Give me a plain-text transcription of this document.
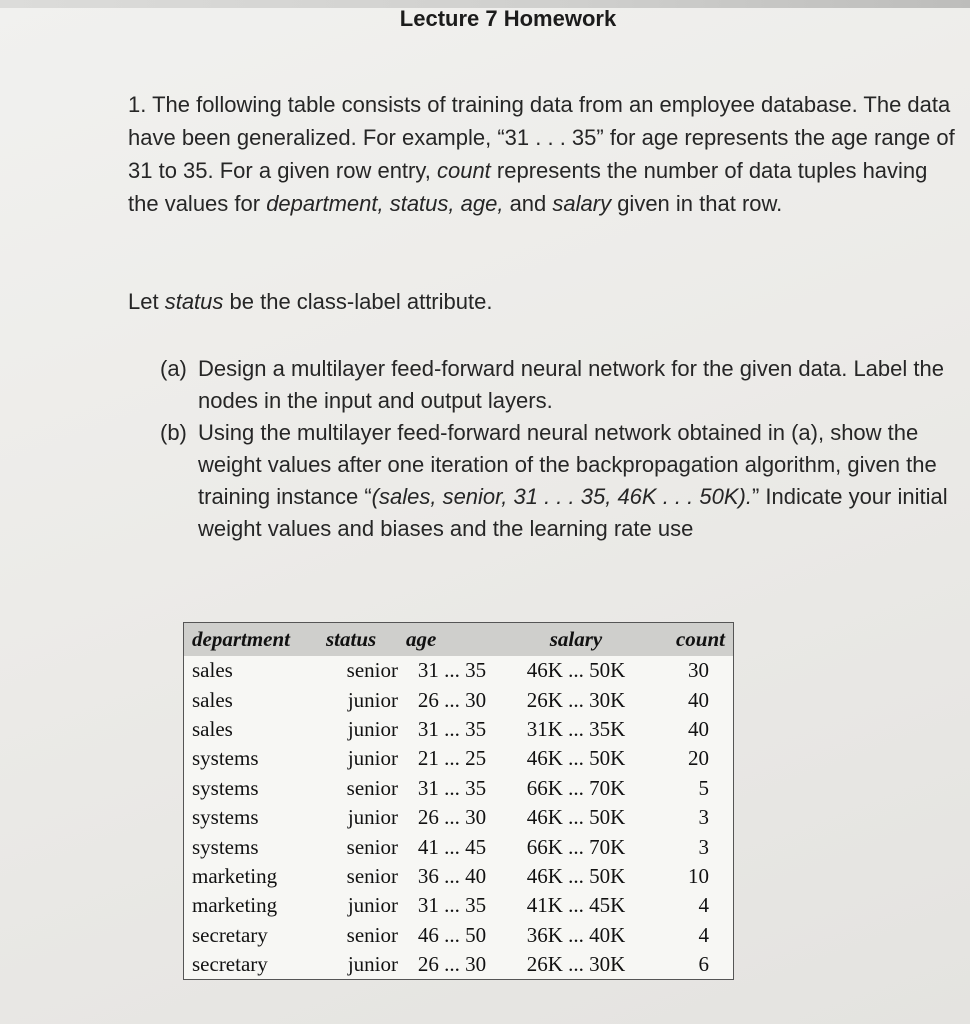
Lecture 7 Homework

1. The following table consists of training data from an employee database. The data have been generalized. For example, “31 . . . 35” for age represents the age range of 31 to 35. For a given row entry, count represents the number of data tuples having the values for department, status, age, and salary given in that row.

Let status be the class-label attribute.

(a) Design a multilayer feed-forward neural network for the given data. Label the nodes in the input and output layers.

(b) Using the multilayer feed-forward neural network obtained in (a), show the weight values after one iteration of the backpropagation algorithm, given the training instance “(sales, senior, 31 . . . 35, 46K . . . 50K).” Indicate your initial weight values and biases and the learning rate use

department	status	age	salary	count
sales	senior	31 ... 35	46K ... 50K	30
sales	junior	26 ... 30	26K ... 30K	40
sales	junior	31 ... 35	31K ... 35K	40
systems	junior	21 ... 25	46K ... 50K	20
systems	senior	31 ... 35	66K ... 70K	5
systems	junior	26 ... 30	46K ... 50K	3
systems	senior	41 ... 45	66K ... 70K	3
marketing	senior	36 ... 40	46K ... 50K	10
marketing	junior	31 ... 35	41K ... 45K	4
secretary	senior	46 ... 50	36K ... 40K	4
secretary	junior	26 ... 30	26K ... 30K	6
